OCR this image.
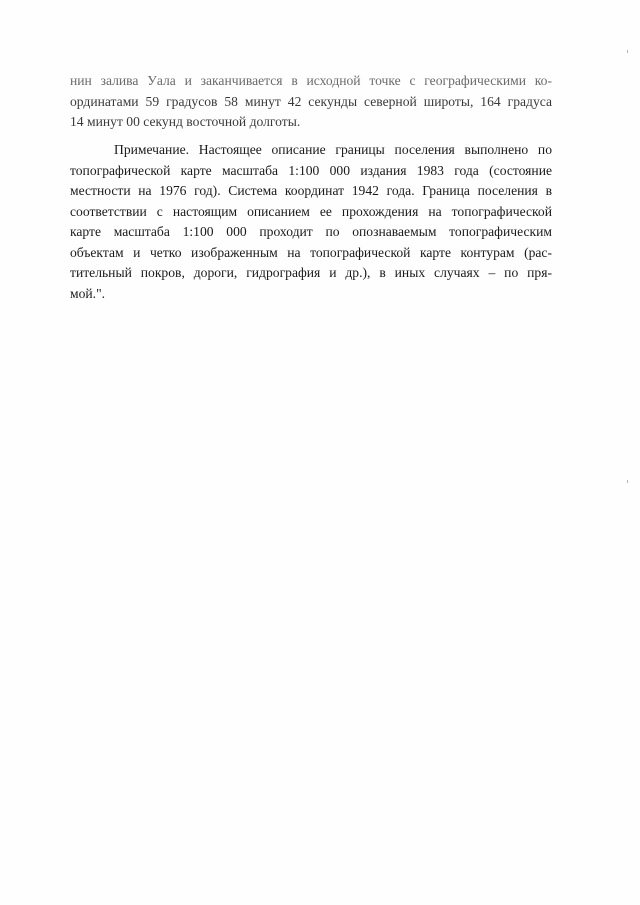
нин залива Уала и заканчивается в исходной точке с географическими ко-
ординатами 59 градусов 58 минут 42 секунды северной широты, 164 градуса
14 минут 00 секунд восточной долготы.
Примечание. Настоящее описание границы поселения выполнено по
топографической карте масштаба 1:100 000 издания 1983 года (состояние
местности на 1976 год). Система координат 1942 года. Граница поселения в
соответствии с настоящим описанием ее прохождения на топографической
карте масштаба 1:100 000 проходит по опознаваемым топографическим
объектам и четко изображенным на топографической карте контурам (рас-
тительный покров, дороги, гидрография и др.), в иных случаях – по пря-
мой.".
